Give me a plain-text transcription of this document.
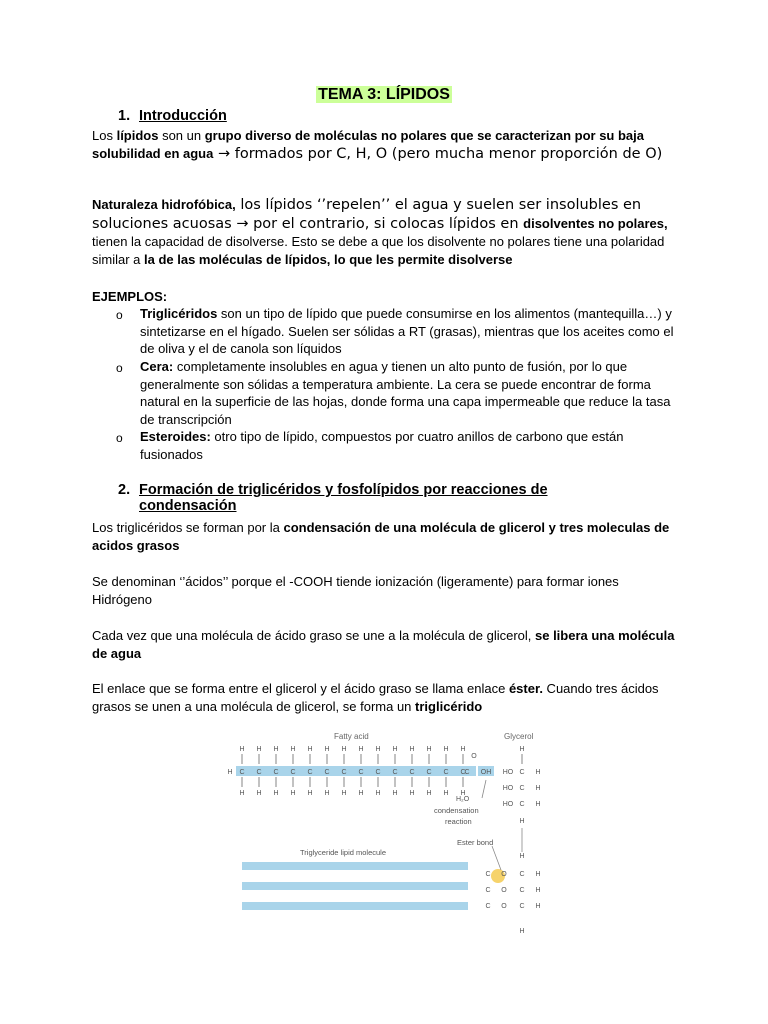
TEMA 3: LÍPIDOS
1. Introducción
Los lípidos son un grupo diverso de moléculas no polares que se caracterizan por su baja solubilidad en agua → formados por C, H, O (pero mucha menor proporción de O)
Naturaleza hidrofóbica, los lípidos ‘’repelen’’ el agua y suelen ser insolubles en soluciones acuosas → por el contrario, si colocas lípidos en disolventes no polares, tienen la capacidad de disolverse. Esto se debe a que los disolvente no polares tiene una polaridad similar a la de las moléculas de lípidos, lo que les permite disolverse
EJEMPLOS:
o Triglicéridos son un tipo de lípido que puede consumirse en los alimentos (mantequilla…) y sintetizarse en el hígado. Suelen ser sólidas a RT (grasas), mientras que los aceites como el de oliva y el de canola son líquidos
o Cera: completamente insolubles en agua y tienen un alto punto de fusión, por lo que generalmente son sólidas a temperatura ambiente. La cera se puede encontrar de forma natural en la superficie de las hojas, donde forma una capa impermeable que reduce la tasa de transcripción
o Esteroides: otro tipo de lípido, compuestos por cuatro anillos de carbono que están fusionados
2. Formación de triglicéridos y fosfolípidos por reacciones de
condensación
Los triglicéridos se forman por la condensación de una molécula de glicerol y tres moleculas de acidos grasos
Se denominan ‘’ácidos’’ porque el -COOH tiende ionización (ligeramente) para formar iones Hidrógeno
Cada vez que una molécula de ácido graso se une a la molécula de glicerol, se libera una molécula de agua
El enlace que se forma entre el glicerol y el ácido graso se llama enlace éster. Cuando tres ácidos grasos se unen a una molécula de glicerol, se forma un triglicérido
H
H
C
H
H
C
H
H
C
H
H
C
H
H
C
H
H
C
H
H
C
H
H
C
H
H
C
H
H
C
H
H
C
H
H
C
H
H
C
H
H
C
H
C
O
OH
Fatty acid	Glycerol
HO C H
HO C H
HO C H
H
H
H₂O
condensation
reaction
Ester bond
Triglyceride lipid molecule	H
C O C H
C O C H
C O C H
H
